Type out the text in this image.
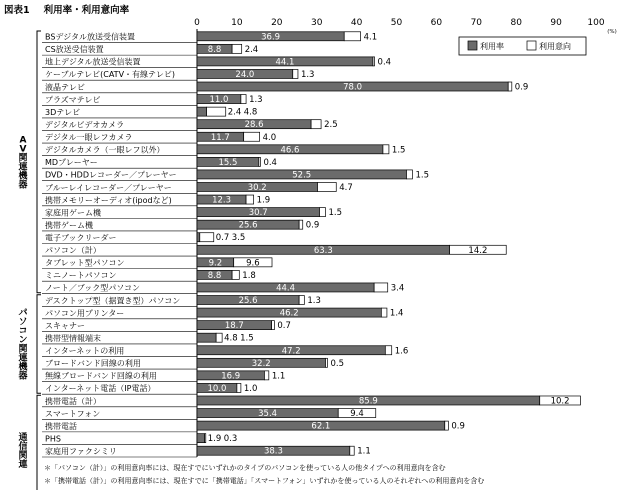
図表1 利用率・利用意向率
0	10	20	30	40	50	60	70	80	90	100
(%)
A
V
関
連
機
器
パ
ソ
コ
ン
関
連
機
器
通
信
関
連
BSデジタル放送受信装置	36.9	4.1
CS放送受信装置	8.8	2.4
地上デジタル放送受信装置	44.1	0.4
ケーブルテレビ(CATV・有線テレビ)	24.0	1.3
液晶テレビ	78.0	0.9
プラズマテレビ	11.0 1.3
3Dテレビ	2.4 4.8
デジタルビデオカメラ	28.6	2.5
デジタル一眼レフカメラ	11.7	4.0
デジタルカメラ（一眼レフ以外）	46.6	1.5
MDプレーヤー	15.5	0.4
DVD・HDDレコーダー／プレーヤー	52.5	1.5
ブルーレイレコーダー／プレーヤー	30.2	4.7
携帯メモリーオーディオ(ipodなど)	12.3	1.9
家庭用ゲーム機	30.7	1.5
携帯ゲーム機	25.6	0.9
電子ブックリーダー	0.7 3.5
パソコン（計）	63.3	14.2
タブレット型パソコン	9.2	9.6
ミニノートパソコン	8.8 1.8
ノート／ブック型パソコン	44.4	3.4
デスクトップ型（据置き型）パソコン	25.6	1.3
パソコン用プリンター	46.2	1.4
スキャナー	18.7	0.7
携帯型情報端末	4.8 1.5
インターネットの利用	47.2	1.6
ブロードバンド回線の利用	32.2	0.5
無線ブロードバンド回線の利用	16.9	1.1
インターネット電話（IP電話）	10.0 1.0
携帯電話（計）	85.9	10.2
スマートフォン	35.4	9.4
携帯電話	62.1	0.9
PHS	1.9 0.3
家庭用ファクシミリ	38.3	1.1
利用率	利用意向
＊「パソコン（計）」の利用意向率には、現在すでにいずれかのタイプのパソコンを使っている人の他タイプへの利用意向を含む
＊「携帯電話（計）」の利用意向率には、現在すでに「携帯電話」「スマートフォン」いずれかを使っている人のそれぞれへの利用意向を含む
